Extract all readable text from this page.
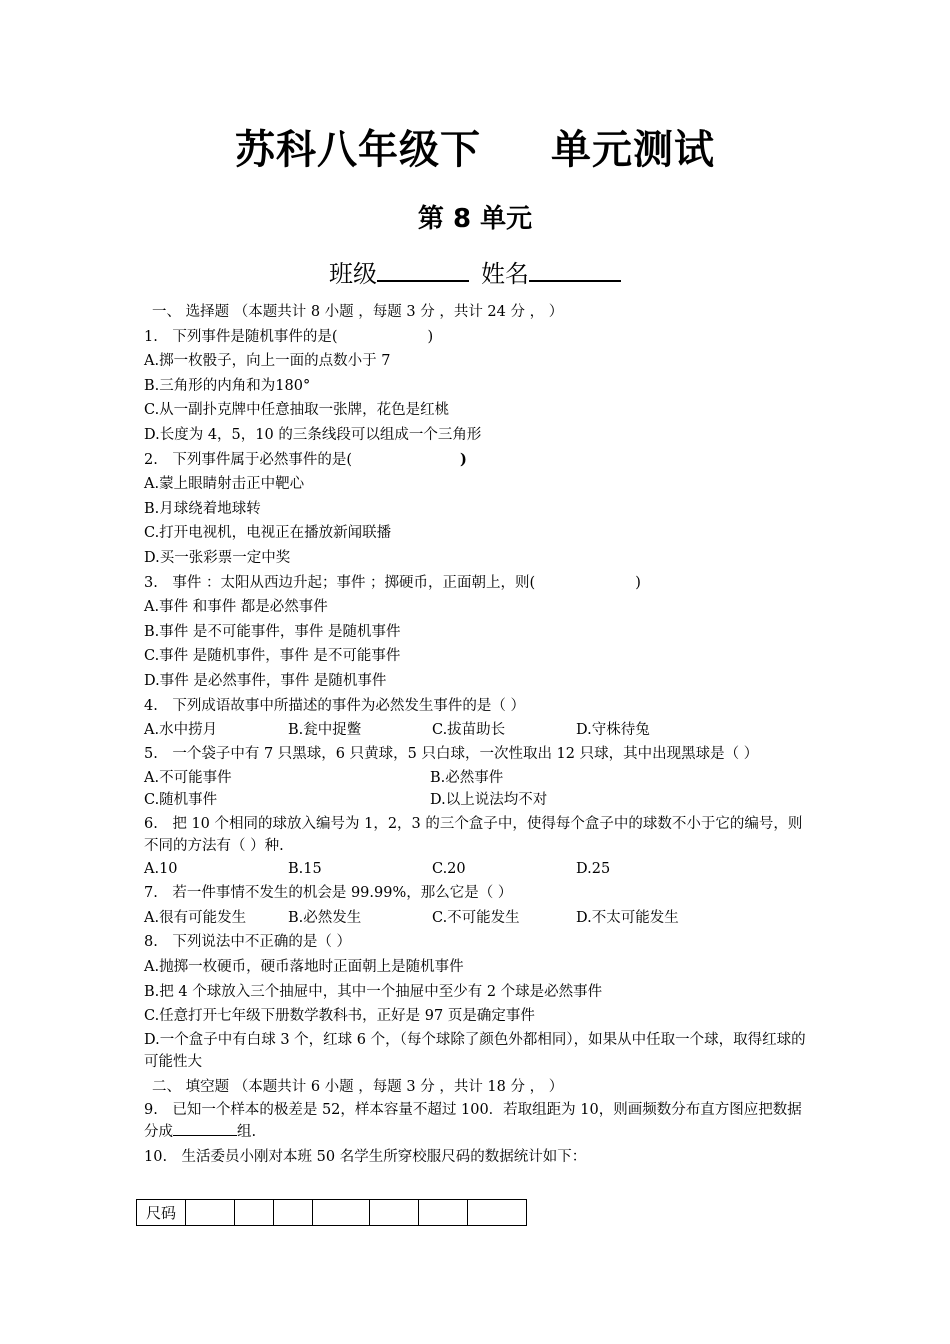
苏科八年级下 单元测试
第 8 单元
班级	姓名
一、 选择题 （本题共计 8 小题 ，每题 3 分 ，共计 24 分 ， ）
1.　下列事件是随机事件的是(	)
A.掷一枚骰子，向上一面的点数小于 7
B.三角形的内角和为180°
C.从一副扑克牌中任意抽取一张牌，花色是红桃
D.长度为 4，5，10 的三条线段可以组成一个三角形
2.　下列事件属于必然事件的是(	)
A.蒙上眼睛射击正中靶心
B.月球绕着地球转
C.打开电视机，电视正在播放新闻联播
D.买一张彩票一定中奖
3.　事件 ：太阳从西边升起；事件 ；掷硬币，正面朝上，则(	)
A.事件 和事件 都是必然事件
B.事件 是不可能事件，事件 是随机事件
C.事件 是随机事件，事件 是不可能事件
D.事件 是必然事件，事件 是随机事件
4.　下列成语故事中所描述的事件为必然发生事件的是（ ）
A.水中捞月	B.瓮中捉鳖	C.拔苗助长	D.守株待兔
5.　一个袋子中有 7 只黑球，6 只黄球，5 只白球，一次性取出 12 只球，其中出现黑球是（ ）
A.不可能事件	B.必然事件
C.随机事件	D.以上说法均不对
6.　把 10 个相同的球放入编号为 1，2，3 的三个盒子中，使得每个盒子中的球数不小于它的编号，则不同的方法有（ ）种.
A.10	B.15	C.20	D.25
7.　若一件事情不发生的机会是 99.99%，那么它是（ ）
A.很有可能发生	B.必然发生	C.不可能发生	D.不太可能发生
8.　下列说法中不正确的是（ ）
A.抛掷一枚硬币，硬币落地时正面朝上是随机事件
B.把 4 个球放入三个抽屉中，其中一个抽屉中至少有 2 个球是必然事件
C.任意打开七年级下册数学教科书，正好是 97 页是确定事件
D.一个盒子中有白球 3 个，红球 6 个，（每个球除了颜色外都相同），如果从中任取一个球，取得红球的可能性大
二、 填空题 （本题共计 6 小题 ，每题 3 分 ，共计 18 分 ， ）
9.　已知一个样本的极差是 52，样本容量不超过 100．若取组距为 10，则画频数分布直方图应把数据分成	组.
10.　生活委员小刚对本班 50 名学生所穿校服尺码的数据统计如下：
尺码							
